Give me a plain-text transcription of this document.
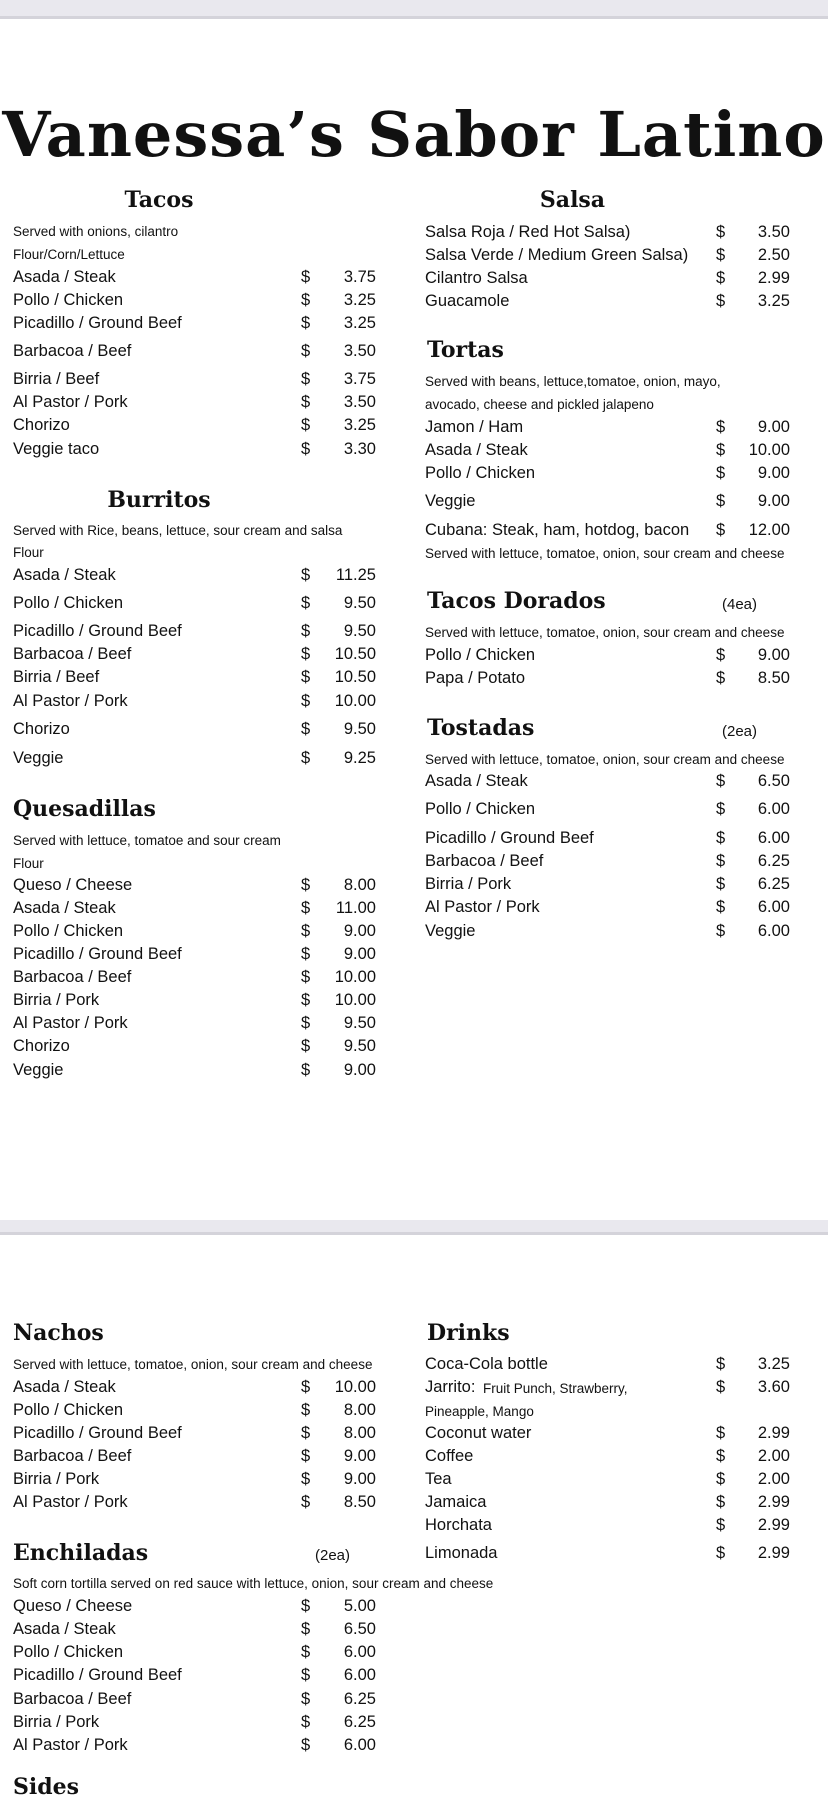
Vanessa’s Sabor Latino
Tacos
Served with onions, cilantro
Flour/Corn/Lettuce
Asada / Steak	$	3.75
Pollo / Chicken	$	3.25
Picadillo / Ground Beef	$	3.25
Barbacoa / Beef	$	3.50
Birria / Beef	$	3.75
Al Pastor / Pork	$	3.50
Chorizo	$	3.25
Veggie taco	$	3.30
Burritos
Served with Rice, beans, lettuce, sour cream and salsa
Flour
Asada / Steak	$	11.25
Pollo / Chicken	$	9.50
Picadillo / Ground Beef	$	9.50
Barbacoa / Beef	$	10.50
Birria / Beef	$	10.50
Al Pastor / Pork	$	10.00
Chorizo	$	9.50
Veggie	$	9.25
Quesadillas
Served with lettuce, tomatoe and sour cream
Flour
Queso / Cheese	$	8.00
Asada / Steak	$	11.00
Pollo / Chicken	$	9.00
Picadillo / Ground Beef	$	9.00
Barbacoa / Beef	$	10.00
Birria / Pork	$	10.00
Al Pastor / Pork	$	9.50
Chorizo	$	9.50
Veggie	$	9.00
Salsa
Salsa Roja / Red Hot Salsa)	$	3.50
Salsa Verde / Medium Green Salsa) $	2.50
Cilantro Salsa	$	2.99
Guacamole	$	3.25
Tortas
Served with beans, lettuce,tomatoe, onion, mayo,
avocado, cheese and pickled jalapeno
Jamon / Ham	$	9.00
Asada / Steak	$	10.00
Pollo / Chicken	$	9.00
Veggie	$	9.00
Cubana: Steak, ham, hotdog, bacon $	12.00
Served with lettuce, tomatoe, onion, sour cream and cheese
Tacos Dorados	(4ea)
Served with lettuce, tomatoe, onion, sour cream and cheese
Pollo / Chicken	$	9.00
Papa / Potato	$	8.50
Tostadas	(2ea)
Served with lettuce, tomatoe, onion, sour cream and cheese
Asada / Steak	$	6.50
Pollo / Chicken	$	6.00
Picadillo / Ground Beef	$	6.00
Barbacoa / Beef	$	6.25
Birria / Pork	$	6.25
Al Pastor / Pork	$	6.00
Veggie	$	6.00
Nachos
Served with lettuce, tomatoe, onion, sour cream and cheese
Asada / Steak	$	10.00
Pollo / Chicken	$	8.00
Picadillo / Ground Beef	$	8.00
Barbacoa / Beef	$	9.00
Birria / Pork	$	9.00
Al Pastor / Pork	$	8.50
Enchiladas	(2ea)
Soft corn tortilla served on red sauce with lettuce, onion, sour cream and cheese
Queso / Cheese	$	5.00
Asada / Steak	$	6.50
Pollo / Chicken	$	6.00
Picadillo / Ground Beef	$	6.00
Barbacoa / Beef	$	6.25
Birria / Pork	$	6.25
Al Pastor / Pork	$	6.00
Sides
Drinks
Coca-Cola bottle	$	3.25
Jarrito: Fruit Punch, Strawberry,	$	3.60
Coconut water	$	2.99
Coffee	$	2.00
Tea	$	2.00
Jamaica	$	2.99
Horchata	$	2.99
Limonada	$	2.99
Pineapple, Mango
